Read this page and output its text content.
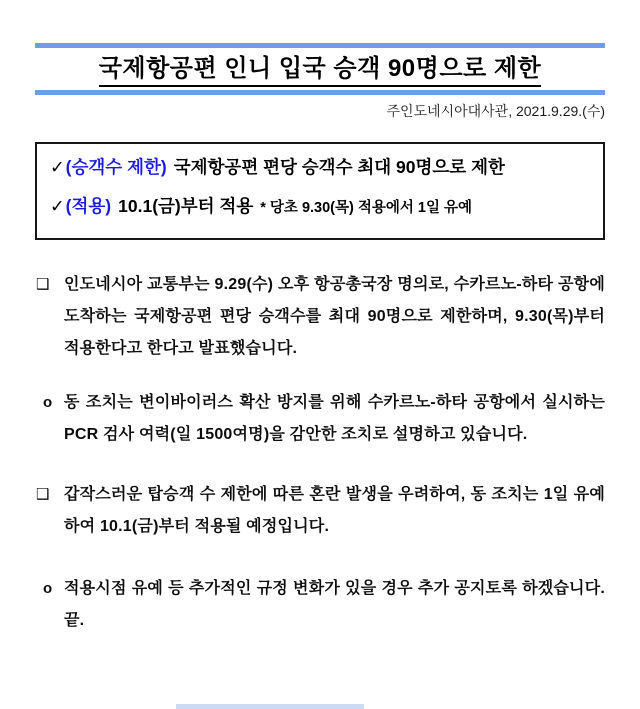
국제항공편 인니 입국 승객 90명으로 제한
주인도네시아대사관, 2021.9.29.(수)
✓(승객수 제한) 국제항공편 편당 승객수 최대 90명으로 제한
✓(적용) 10.1(금)부터 적용 * 당초 9.30(목) 적용에서 1일 유예
❑ 인도네시아 교통부는 9.29(수) 오후 항공총국장 명의로, 수카르노-하타 공항에 도착하는 국제항공편 편당 승객수를 최대 90명으로 제한하며, 9.30(목)부터 적용한다고 한다고 발표했습니다.
o 동 조치는 변이바이러스 확산 방지를 위해 수카르노-하타 공항에서 실시하는 PCR 검사 여력(일 1500여명)을 감안한 조치로 설명하고 있습니다.
❑ 갑작스러운 탑승객 수 제한에 따른 혼란 발생을 우려하여, 동 조치는 1일 유예하여 10.1(금)부터 적용될 예정입니다.
o 적용시점 유예 등 추가적인 규정 변화가 있을 경우 추가 공지토록 하겠습니다. 끝.
